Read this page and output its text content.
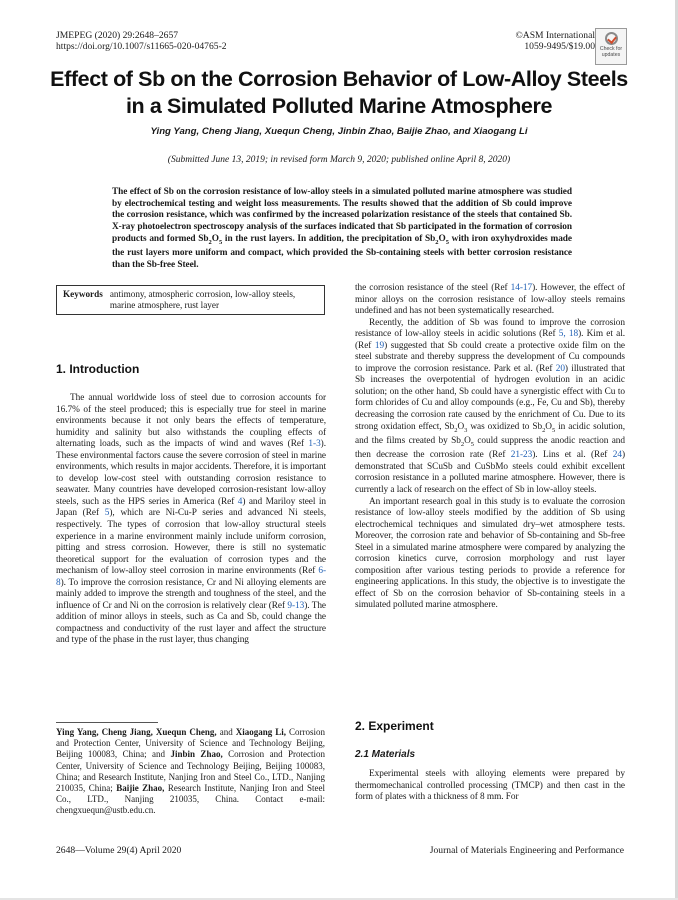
JMEPEG (2020) 29:2648–2657
https://doi.org/10.1007/s11665-020-04765-2
©ASM International
1059-9495/$19.00 Check for
updates
Effect of Sb on the Corrosion Behavior of Low-Alloy Steels in a Simulated Polluted Marine Atmosphere
Ying Yang, Cheng Jiang, Xuequn Cheng, Jinbin Zhao, Baijie Zhao, and Xiaogang Li
(Submitted June 13, 2019; in revised form March 9, 2020; published online April 8, 2020)
The effect of Sb on the corrosion resistance of low-alloy steels in a simulated polluted marine atmosphere was studied by electrochemical testing and weight loss measurements. The results showed that the addition of Sb could improve the corrosion resistance, which was confirmed by the increased polarization resistance of the steels that contained Sb. X-ray photoelectron spectroscopy analysis of the surfaces indicated that Sb participated in the formation of corrosion products and formed $Sb_2O_5$ in the rust layers. In addition, the precipitation of $Sb_2O_5$ with iron oxyhydroxides made the rust layers more uniform and compact, which provided the Sb-containing steels with better corrosion resistance than the Sb-free Steel.
Keywords antimony, atmospheric corrosion, low-alloy steels, marine atmosphere, rust layer
1. Introduction

The annual worldwide loss of steel due to corrosion accounts for 16.7% of the steel produced; this is especially true for steel in marine environments because it not only bears the effects of temperature, humidity and salinity but also withstands the coupling effects of alternating loads, such as the impacts of wind and waves (Ref 1-3). These environmental factors cause the severe corrosion of steel in marine environments, which results in major accidents. Therefore, it is important to develop low-cost steel with outstanding corrosion resistance to seawater. Many countries have developed corrosion-resistant low-alloy steels, such as the HPS series in America (Ref 4) and Mariloy steel in Japan (Ref 5), which are Ni-Cu-P series and advanced Ni steels, respectively. The types of corrosion that low-alloy structural steels experience in a marine environment mainly include uniform corrosion, pitting and stress corrosion. However, there is still no systematic theoretical support for the evaluation of corrosion types and the mechanism of low-alloy steel corrosion in marine environments (Ref 6-8). To improve the corrosion resistance, Cr and Ni alloying elements are mainly added to improve the strength and toughness of the steel, and the influence of Cr and Ni on the corrosion is relatively clear (Ref 9-13). The addition of minor alloys in steels, such as Ca and Sb, could change the compactness and conductivity of the rust layer and affect the structure and type of the phase in the rust layer, thus changing

Ying Yang, Cheng Jiang, Xuequn Cheng, and Xiaogang Li, Corrosion and Protection Center, University of Science and Technology Beijing, Beijing 100083, China; and Jinbin Zhao, Corrosion and Protection Center, University of Science and Technology Beijing, Beijing 100083, China; and Research Institute, Nanjing Iron and Steel Co., LTD., Nanjing 210035, China; Baijie Zhao, Research Institute, Nanjing Iron and Steel Co., LTD., Nanjing 210035, China. Contact e-mail: chengxuequn@ustb.edu.cn.

the corrosion resistance of the steel (Ref 14-17). However, the effect of minor alloys on the corrosion resistance of low-alloy steels remains undefined and has not been systematically researched.

Recently, the addition of Sb was found to improve the corrosion resistance of low-alloy steels in acidic solutions (Ref 5, 18). Kim et al. (Ref 19) suggested that Sb could create a protective oxide film on the steel substrate and thereby suppress the development of Cu compounds to improve the corrosion resistance. Park et al. (Ref 20) illustrated that Sb increases the overpotential of hydrogen evolution in an acidic solution; on the other hand, Sb could have a synergistic effect with Cu to form chlorides of Cu and alloy compounds (e.g., Fe, Cu and Sb), thereby decreasing the corrosion rate caused by the enrichment of Cu. Due to its strong oxidation effect, $Sb_2O_3$ was oxidized to $Sb_2O_5$ in acidic solution, and the films created by $Sb_2O_5$ could suppress the anodic reaction and then decrease the corrosion rate (Ref 21-23). Lins et al. (Ref 24) demonstrated that SCuSb and CuSbMo steels could exhibit excellent corrosion resistance in a polluted marine atmosphere. However, there is currently a lack of research on the effect of Sb in low-alloy steels.

An important research goal in this study is to evaluate the corrosion resistance of low-alloy steels modified by the addition of Sb using electrochemical techniques and simulated dry–wet atmosphere tests. Moreover, the corrosion rate and behavior of Sb-containing and Sb-free Steel in a simulated marine atmosphere were compared by analyzing the corrosion kinetics curve, corrosion morphology and rust layer composition after various testing periods to provide a reference for engineering applications. In this study, the objective is to investigate the effect of Sb on the corrosion behavior of Sb-containing steels in a simulated polluted marine atmosphere.

2. Experiment
2.1 Materials

Experimental steels with alloying elements were prepared by thermomechanical controlled processing (TMCP) and then cast in the form of plates with a thickness of 8 mm. For

2648—Volume 29(4) April 2020	Journal of Materials Engineering and Performance
